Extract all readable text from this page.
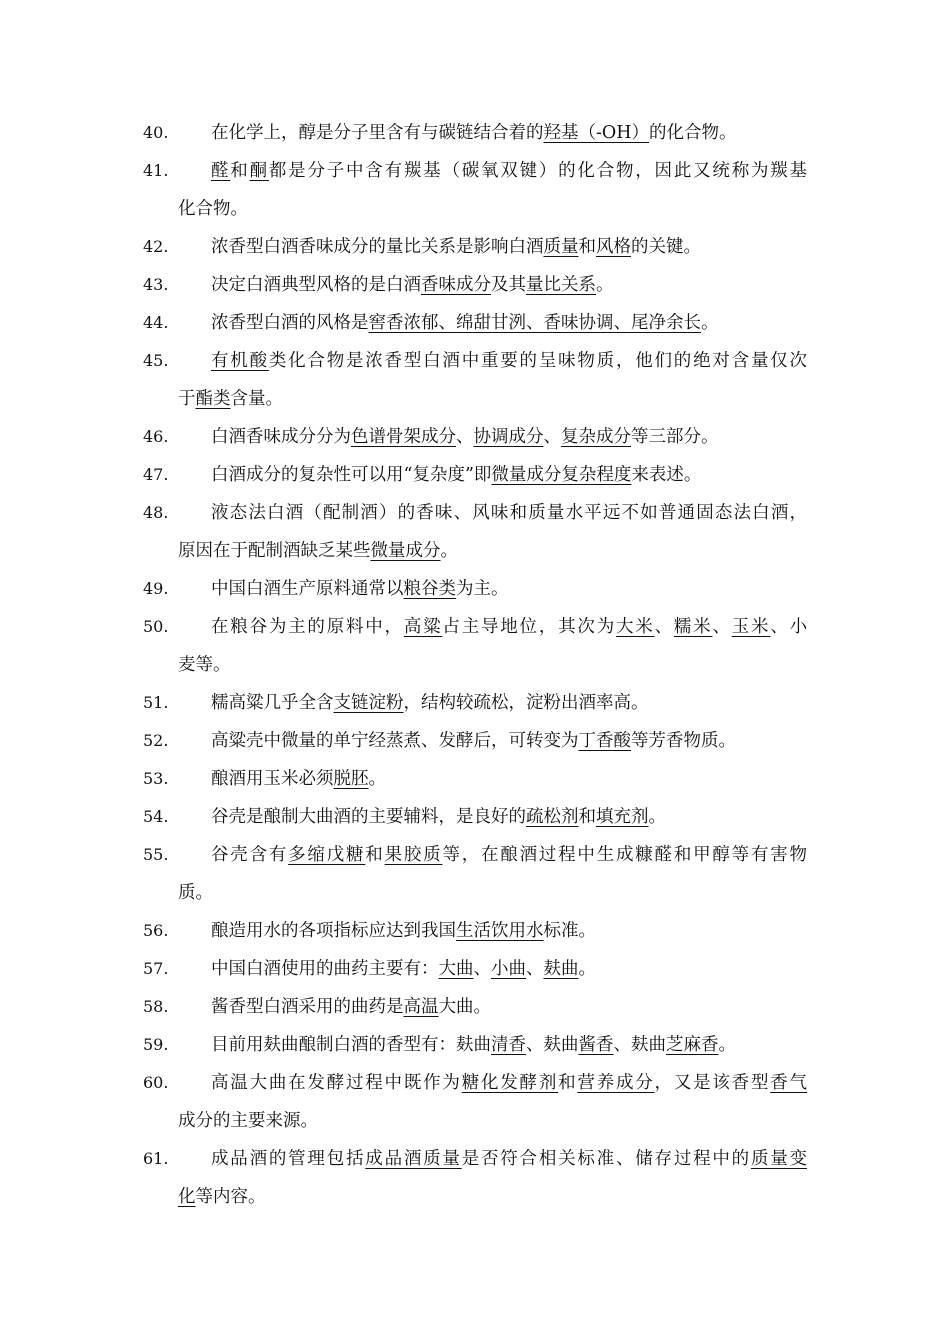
40. 在化学上，醇是分子里含有与碳链结合着的羟基（-OH）的化合物。
41. 醛和酮都是分子中含有羰基（碳氧双键）的化合物，因此又统称为羰基
化合物。
42. 浓香型白酒香味成分的量比关系是影响白酒质量和风格的关键。
43. 决定白酒典型风格的是白酒香味成分及其量比关系。
44. 浓香型白酒的风格是窖香浓郁、绵甜甘洌、香味协调、尾净余长。
45. 有机酸类化合物是浓香型白酒中重要的呈味物质，他们的绝对含量仅次
于酯类含量。
46. 白酒香味成分分为色谱骨架成分、协调成分、复杂成分等三部分。
47. 白酒成分的复杂性可以用“复杂度”即微量成分复杂程度来表述。
48. 液态法白酒（配制酒）的香味、风味和质量水平远不如普通固态法白酒，
原因在于配制酒缺乏某些微量成分。
49. 中国白酒生产原料通常以粮谷类为主。
50. 在粮谷为主的原料中，高粱占主导地位，其次为大米、糯米、玉米、小
麦等。
51. 糯高粱几乎全含支链淀粉，结构较疏松，淀粉出酒率高。
52. 高粱壳中微量的单宁经蒸煮、发酵后，可转变为丁香酸等芳香物质。
53. 酿酒用玉米必须脱胚。
54. 谷壳是酿制大曲酒的主要辅料，是良好的疏松剂和填充剂。
55. 谷壳含有多缩戊糖和果胶质等，在酿酒过程中生成糠醛和甲醇等有害物
质。
56. 酿造用水的各项指标应达到我国生活饮用水标准。
57. 中国白酒使用的曲药主要有：大曲、小曲、麸曲。
58. 酱香型白酒采用的曲药是高温大曲。
59. 目前用麸曲酿制白酒的香型有：麸曲清香、麸曲酱香、麸曲芝麻香。
60. 高温大曲在发酵过程中既作为糖化发酵剂和营养成分，又是该香型香气
成分的主要来源。
61. 成品酒的管理包括成品酒质量是否符合相关标准、储存过程中的质量变
化等内容。
